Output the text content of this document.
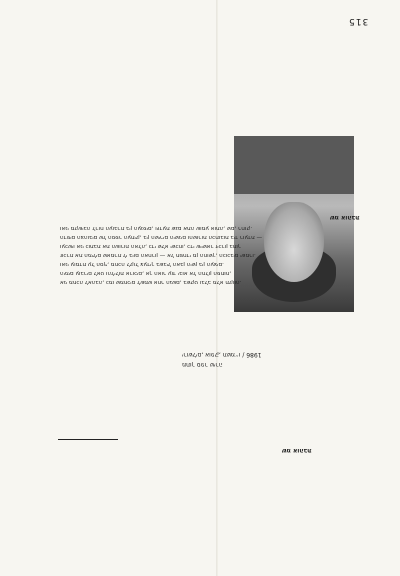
315
שמ אוהבת
מתוך ספר שירה
ירושלים, אופק, תשמ״ו / 1986
אני מחכה לאהבה, כמו שמחכים לשמש אחר הגשם, בשקט ובלב מלא תקווה.
הימים עוברים לאט והלילות ארוכים, אך האור עוד יבוא אל החלון הפתוח,
ואני עומדת על הסף, מחכה לקול צעדיך בשביל האבן הישן בין העצים.
זוכרת את המילים שאמרת לי ביום האחרון — אל תפחדי מן החושך, הכוכבים ישמרו.
ועכשיו אני כותבת את השורות האלה, כדי שלא ישכחו, כדי שיישאר זיכרון בתוך
הדפים הצהובים של הספר העתיק, בין השירים הישנים והשורות הכתובות ביד רועדת —
ואני מקשיבה לרוח העוברת בין הענפים, ויודעת שגם אתה שומע אותה, שם, רחוק.
שמ אוהבת
